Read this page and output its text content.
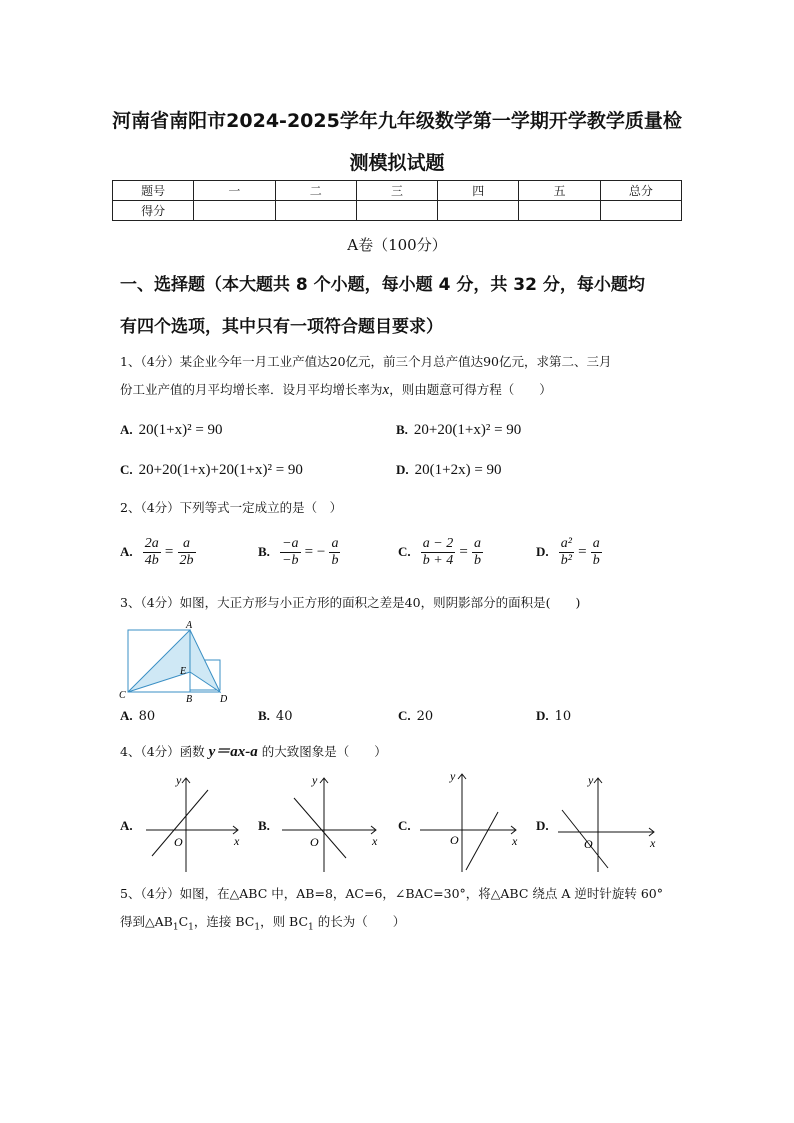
河南省南阳市2024-2025学年九年级数学第一学期开学教学质量检
测模拟试题
题号	一	二	三	四	五	总分
得分						
A卷（100分）
一、选择题（本大题共 8 个小题，每小题 4 分，共 32 分，每小题均
有四个选项，其中只有一项符合题目要求）
1、（4分）某企业今年一月工业产值达20亿元，前三个月总产值达90亿元，求第二、三月
份工业产值的月平均增长率．设月平均增长率为x，则由题意可得方程（　　）
A. 20(1+x)² = 90	B. 20+20(1+x)² = 90
C. 20+20(1+x)+20(1+x)² = 90	D. 20(1+2x) = 90
2、（4分）下列等式一定成立的是（　）
A. $\frac{2a}{4b} = \frac{a}{2b}$	B. $\frac{-a}{-b}$ = − $\frac{a}{b}$	C. $\frac{a - 2}{b + 4} = \frac{a}{b}$	D. $\frac{\text{a²}}{\text{b²}} = \frac{a}{b}$
3、（4分）如图，大正方形与小正方形的面积之差是40，则阴影部分的面积是(　　)
A
C	B	D
E
A. 80	B. 40	C. 20	D. 10
4、（4分）函数 y＝ax-a 的大致图象是（　　）
A.
y
x
O
B.
y
x
O
C.
y
x
O
D.
y
x
O
5、（4分）如图，在△ABC 中，AB=8，AC=6，∠BAC=30°，将△ABC 绕点 A 逆时针旋转 60°
得到$\triangle AB_1C_1$，连接 $BC_1$，则 $BC_1$ 的长为（　　）
